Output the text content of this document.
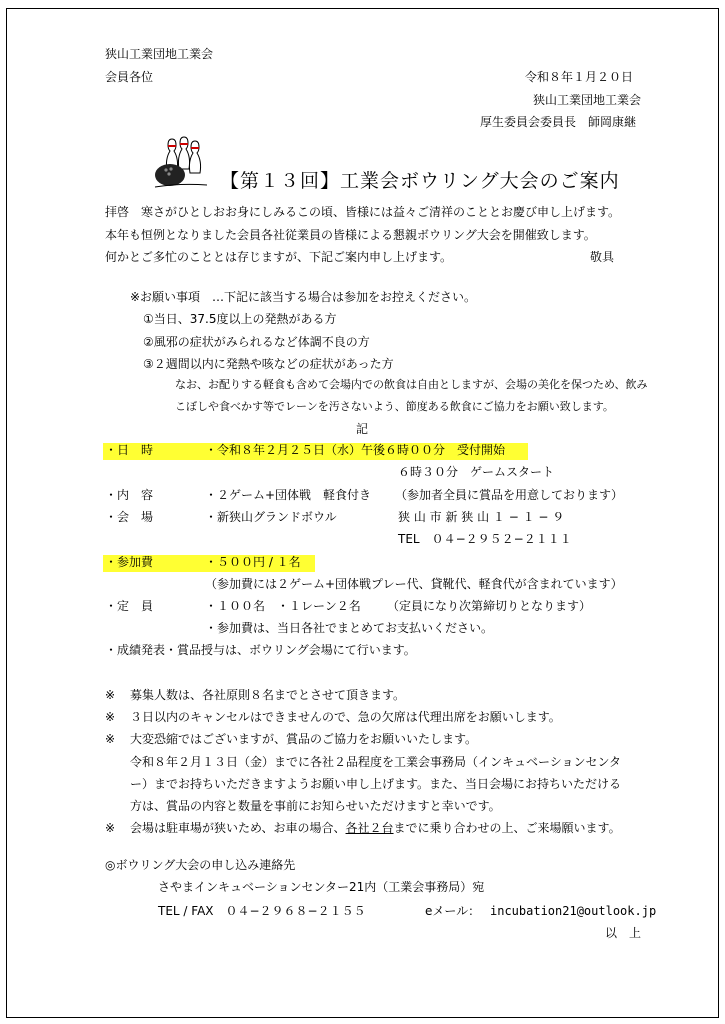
狭山工業団地工業会
会員各位	令和８年１月２０日
狭山工業団地工業会
厚生委員会委員長　師岡康継
【第１３回】工業会ボウリング大会のご案内
拝啓　寒さがひとしおお身にしみるこの頃、皆様には益々ご清祥のこととお慶び申し上げます。
本年も恒例となりました会員各社従業員の皆様による懇親ボウリング大会を開催致します。
何かとご多忙のこととは存じますが、下記ご案内申し上げます。	敬具
※お願い事項　…下記に該当する場合は参加をお控えください。
①当日、37.5度以上の発熱がある方
②風邪の症状がみられるなど体調不良の方
③２週間以内に発熱や咳などの症状があった方
なお、お配りする軽食も含めて会場内での飲食は自由としますが、会場の美化を保つため、飲み
こぼしや食べかす等でレーンを汚さないよう、節度ある飲食にご協力をお願い致します。
記
・日　時	・令和８年２月２５日（水）午後６時００分　受付開始
６時３０分　ゲームスタート
・内　容	・２ゲーム+団体戦　軽食付き （参加者全員に賞品を用意しております）
・会　場	・新狭山グランドボウル	狭 山 市 新 狭 山 １ − １ − ９
TEL　０４−２９５２−２１１１
・参加費	・５００円 / １名
（参加費には２ゲーム+団体戦プレー代、貸靴代、軽食代が含まれています）
・定　員	・１００名　・１レーン２名 （定員になり次第締切りとなります）
・参加費は、当日各社でまとめてお支払いください。
・成績発表・賞品授与は、ボウリング会場にて行います。
※ 募集人数は、各社原則８名までとさせて頂きます。
※ ３日以内のキャンセルはできませんので、急の欠席は代理出席をお願いします。
※ 大変恐縮ではございますが、賞品のご協力をお願いいたします。
令和８年２月１３日（金）までに各社２品程度を工業会事務局（インキュベーションセンタ
ー）までお持ちいただきますようお願い申し上げます。また、当日会場にお持ちいただける
方は、賞品の内容と数量を事前にお知らせいただけますと幸いです。
※ 会場は駐車場が狭いため、お車の場合、各社２台までに乗り合わせの上、ご来場願います。
◎ボウリング大会の申し込み連絡先
さやまインキュベーションセンター21内（工業会事務局）宛
TEL / FAX　０４−２９６８−２１５５	eメール： incubation21@outlook.jp
以　上
